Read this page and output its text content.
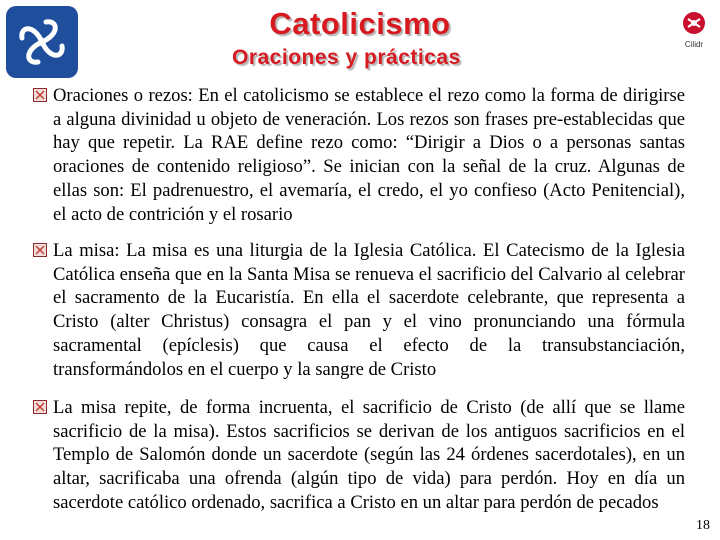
Catolicismo
Oraciones y prácticas
Cilidr

Oraciones o rezos: En el catolicismo se establece el rezo como la forma de dirigirse a alguna divinidad u objeto de veneración. Los rezos son frases pre-establecidas que hay que repetir. La RAE define rezo como: “Dirigir a Dios o a personas santas oraciones de contenido religioso”. Se inician con la señal de la cruz. Algunas de ellas son: El padrenuestro, el avemaría, el credo, el yo confieso (Acto Penitencial), el acto de contrición y el rosario

La misa: La misa es una liturgia de la Iglesia Católica. El Catecismo de la Iglesia Católica enseña que en la Santa Misa se renueva el sacrificio del Calvario al celebrar el sacramento de la Eucaristía. En ella el sacerdote celebrante, que representa a Cristo (alter Christus) consagra el pan y el vino pronunciando una fórmula sacramental (epíclesis) que causa el efecto de la transubstanciación, transformándolos en el cuerpo y la sangre de Cristo

La misa repite, de forma incruenta, el sacrificio de Cristo (de allí que se llame sacrificio de la misa). Estos sacrificios se derivan de los antiguos sacrificios en el Templo de Salomón donde un sacerdote (según las 24 órdenes sacerdotales), en un altar, sacrificaba una ofrenda (algún tipo de vida) para perdón. Hoy en día un sacerdote católico ordenado, sacrifica a Cristo en un altar para perdón de pecados

18
